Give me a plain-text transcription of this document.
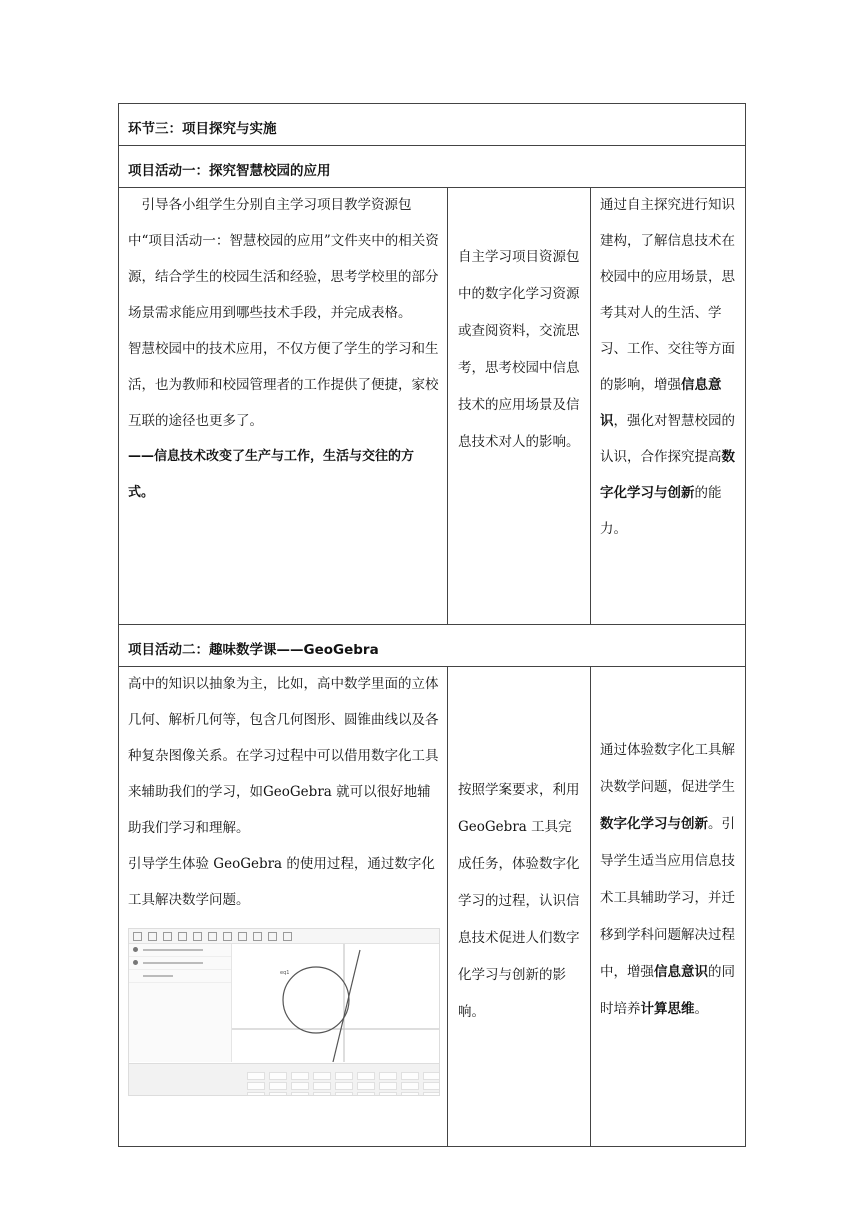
环节三：项目探究与实施		
项目活动一：探究智慧校园的应用		

引导各小组学生分别自主学习项目教学资源包中“项目活动一：智慧校园的应用”文件夹中的相关资源，结合学生的校园生活和经验，思考学校里的部分场景需求能应用到哪些技术手段，并完成表格。

智慧校园中的技术应用，不仅方便了学生的学习和生活，也为教师和校园管理者的工作提供了便捷，家校互联的途径也更多了。

——信息技术改变了生产与工作，生活与交往的方式。	自主学习项目资源包中的数字化学习资源或查阅资料，交流思考，思考校园中信息技术的应用场景及信息技术对人的影响。	通过自主探究进行知识建构，了解信息技术在校园中的应用场景，思考其对人的生活、学习、工作、交往等方面的影响，增强信息意识，强化对智慧校园的认识，合作探究提高数字化学习与创新的能力。

项目活动二：趣味数学课——GeoGebra		

高中的知识以抽象为主，比如，高中数学里面的立体几何、解析几何等，包含几何图形、圆锥曲线以及各种复杂图像关系。在学习过程中可以借用数字化工具来辅助我们的学习，如GeoGebra 就可以很好地辅助我们学习和理解。

引导学生体验 GeoGebra 的使用过程，通过数字化工具解决数学问题。

eq1	按照学案要求，利用 GeoGebra 工具完成任务，体验数字化学习的过程，认识信息技术促进人们数字化学习与创新的影响。	通过体验数字化工具解决数学问题，促进学生数字化学习与创新。引导学生适当应用信息技术工具辅助学习，并迁移到学科问题解决过程中，增强信息意识的同时培养计算思维。
